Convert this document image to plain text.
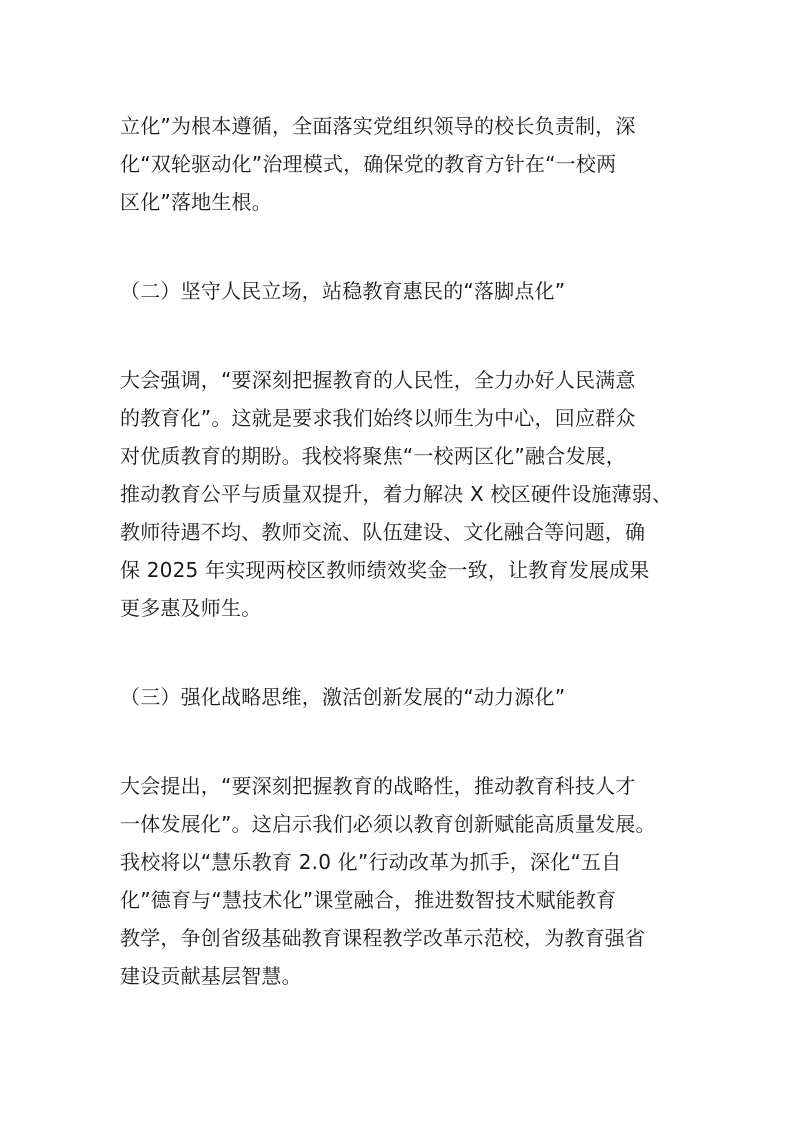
立化”为根本遵循，全面落实党组织领导的校长负责制，深
化“双轮驱动化”治理模式，确保党的教育方针在“一校两
区化”落地生根。
（二）坚守人民立场，站稳教育惠民的“落脚点化”
大会强调，“要深刻把握教育的人民性，全力办好人民满意
的教育化”。这就是要求我们始终以师生为中心，回应群众
对优质教育的期盼。我校将聚焦“一校两区化”融合发展，
推动教育公平与质量双提升，着力解决 X 校区硬件设施薄弱、
教师待遇不均、教师交流、队伍建设、文化融合等问题，确
保 2025 年实现两校区教师绩效奖金一致，让教育发展成果
更多惠及师生。
（三）强化战略思维，激活创新发展的“动力源化”
大会提出，“要深刻把握教育的战略性，推动教育科技人才
一体发展化”。这启示我们必须以教育创新赋能高质量发展。
我校将以“慧乐教育 2.0 化”行动改革为抓手，深化“五自
化”德育与“慧技术化”课堂融合，推进数智技术赋能教育
教学，争创省级基础教育课程教学改革示范校，为教育强省
建设贡献基层智慧。
